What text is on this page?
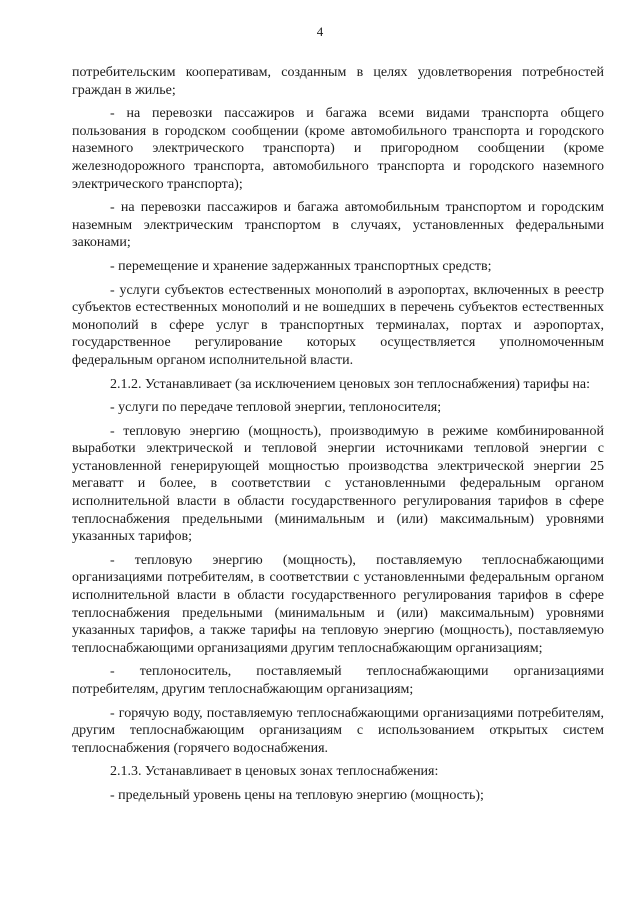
4

потребительским кооперативам, созданным в целях удовлетворения потребностей граждан в жилье;

- на перевозки пассажиров и багажа всеми видами транспорта общего пользования в городском сообщении (кроме автомобильного транспорта и городского наземного электрического транспорта) и пригородном сообщении (кроме железнодорожного транспорта, автомобильного транспорта и городского наземного электрического транспорта);

- на перевозки пассажиров и багажа автомобильным транспортом и городским наземным электрическим транспортом в случаях, установленных федеральными законами;

- перемещение и хранение задержанных транспортных средств;

- услуги субъектов естественных монополий в аэропортах, включенных в реестр субъектов естественных монополий и не вошедших в перечень субъектов естественных монополий в сфере услуг в транспортных терминалах, портах и аэропортах, государственное регулирование которых осуществляется уполномоченным федеральным органом исполнительной власти.

2.1.2. Устанавливает (за исключением ценовых зон теплоснабжения) тарифы на:

- услуги по передаче тепловой энергии, теплоносителя;

- тепловую энергию (мощность), производимую в режиме комбинированной выработки электрической и тепловой энергии источниками тепловой энергии с установленной генерирующей мощностью производства электрической энергии 25 мегаватт и более, в соответствии с установленными федеральным органом исполнительной власти в области государственного регулирования тарифов в сфере теплоснабжения предельными (минимальным и (или) максимальным) уровнями указанных тарифов;

- тепловую энергию (мощность), поставляемую теплоснабжающими организациями потребителям, в соответствии с установленными федеральным органом исполнительной власти в области государственного регулирования тарифов в сфере теплоснабжения предельными (минимальным и (или) максимальным) уровнями указанных тарифов, а также тарифы на тепловую энергию (мощность), поставляемую теплоснабжающими организациями другим теплоснабжающим организациям;

- теплоноситель, поставляемый теплоснабжающими организациями потребителям, другим теплоснабжающим организациям;

- горячую воду, поставляемую теплоснабжающими организациями потребителям, другим теплоснабжающим организациям с использованием открытых систем теплоснабжения (горячего водоснабжения.

2.1.3. Устанавливает в ценовых зонах теплоснабжения:

- предельный уровень цены на тепловую энергию (мощность);
